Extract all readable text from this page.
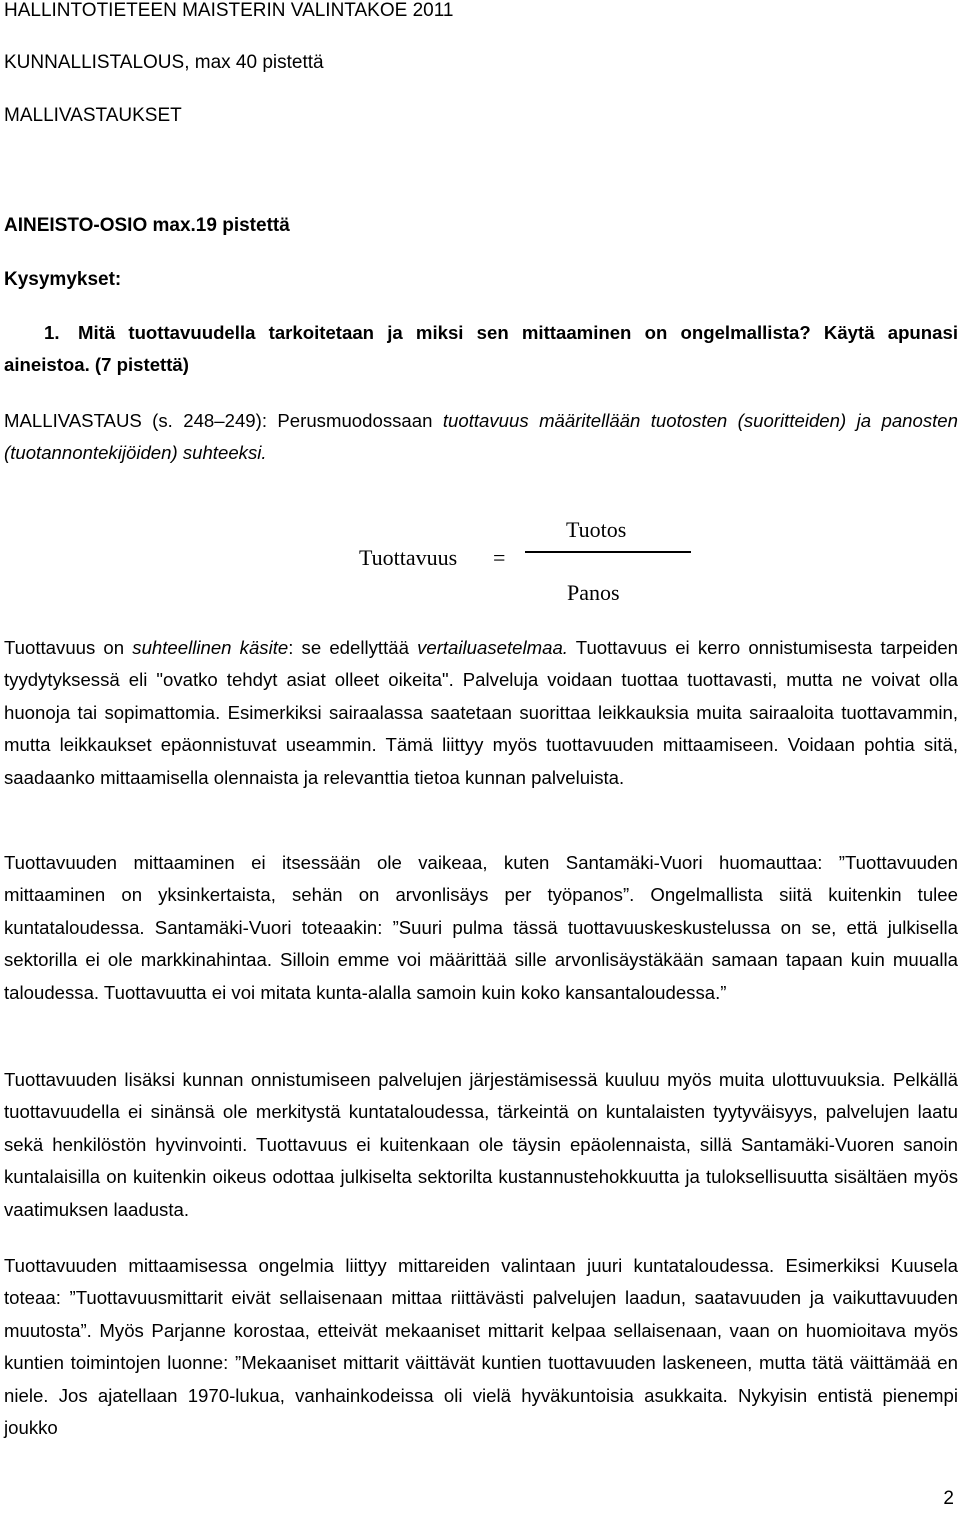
HALLINTOTIETEEN MAISTERIN VALINTAKOE 2011
KUNNALLISTALOUS, max 40 pistettä
MALLIVASTAUKSET
AINEISTO-OSIO max.19 pistettä
Kysymykset:
1. Mitä tuottavuudella tarkoitetaan ja miksi sen mittaaminen on ongelmallista? Käytä apunasi aineistoa. (7 pistettä)
MALLIVASTAUS (s. 248–249): Perusmuodossaan tuottavuus määritellään tuotosten (suoritteiden) ja panosten (tuotannontekijöiden) suhteeksi.
Tuottavuus =
Tuotos
Panos
Tuottavuus on suhteellinen käsite: se edellyttää vertailuasetelmaa. Tuottavuus ei kerro onnistumisesta tarpeiden tyydytyksessä eli "ovatko tehdyt asiat olleet oikeita". Palveluja voidaan tuottaa tuottavasti, mutta ne voivat olla huonoja tai sopimattomia. Esimerkiksi sairaalassa saatetaan suorittaa leikkauksia muita sairaaloita tuottavammin, mutta leikkaukset epäonnistuvat useammin. Tämä liittyy myös tuottavuuden mittaamiseen. Voidaan pohtia sitä, saadaanko mittaamisella olennaista ja relevanttia tietoa kunnan palveluista.
Tuottavuuden mittaaminen ei itsessään ole vaikeaa, kuten Santamäki-Vuori huomauttaa: ”Tuottavuuden mittaaminen on yksinkertaista, sehän on arvonlisäys per työpanos”. Ongelmallista siitä kuitenkin tulee kuntataloudessa. Santamäki-Vuori toteaakin: ”Suuri pulma tässä tuottavuuskeskustelussa on se, että julkisella sektorilla ei ole markkinahintaa. Silloin emme voi määrittää sille arvonlisäystäkään samaan tapaan kuin muualla taloudessa. Tuottavuutta ei voi mitata kunta-alalla samoin kuin koko kansantaloudessa.”
Tuottavuuden lisäksi kunnan onnistumiseen palvelujen järjestämisessä kuuluu myös muita ulottuvuuksia. Pelkällä tuottavuudella ei sinänsä ole merkitystä kuntataloudessa, tärkeintä on kuntalaisten tyytyväisyys, palvelujen laatu sekä henkilöstön hyvinvointi. Tuottavuus ei kuitenkaan ole täysin epäolennaista, sillä Santamäki-Vuoren sanoin kuntalaisilla on kuitenkin oikeus odottaa julkiselta sektorilta kustannustehokkuutta ja tuloksellisuutta sisältäen myös vaatimuksen laadusta.
Tuottavuuden mittaamisessa ongelmia liittyy mittareiden valintaan juuri kuntataloudessa. Esimerkiksi Kuusela toteaa: ”Tuottavuusmittarit eivät sellaisenaan mittaa riittävästi palvelujen laadun, saatavuuden ja vaikuttavuuden muutosta”. Myös Parjanne korostaa, etteivät mekaaniset mittarit kelpaa sellaisenaan, vaan on huomioitava myös kuntien toimintojen luonne: ”Mekaaniset mittarit väittävät kuntien tuottavuuden laskeneen, mutta tätä väittämää en niele. Jos ajatellaan 1970-lukua, vanhainkodeissa oli vielä hyväkuntoisia asukkaita. Nykyisin entistä pienempi joukko
2
